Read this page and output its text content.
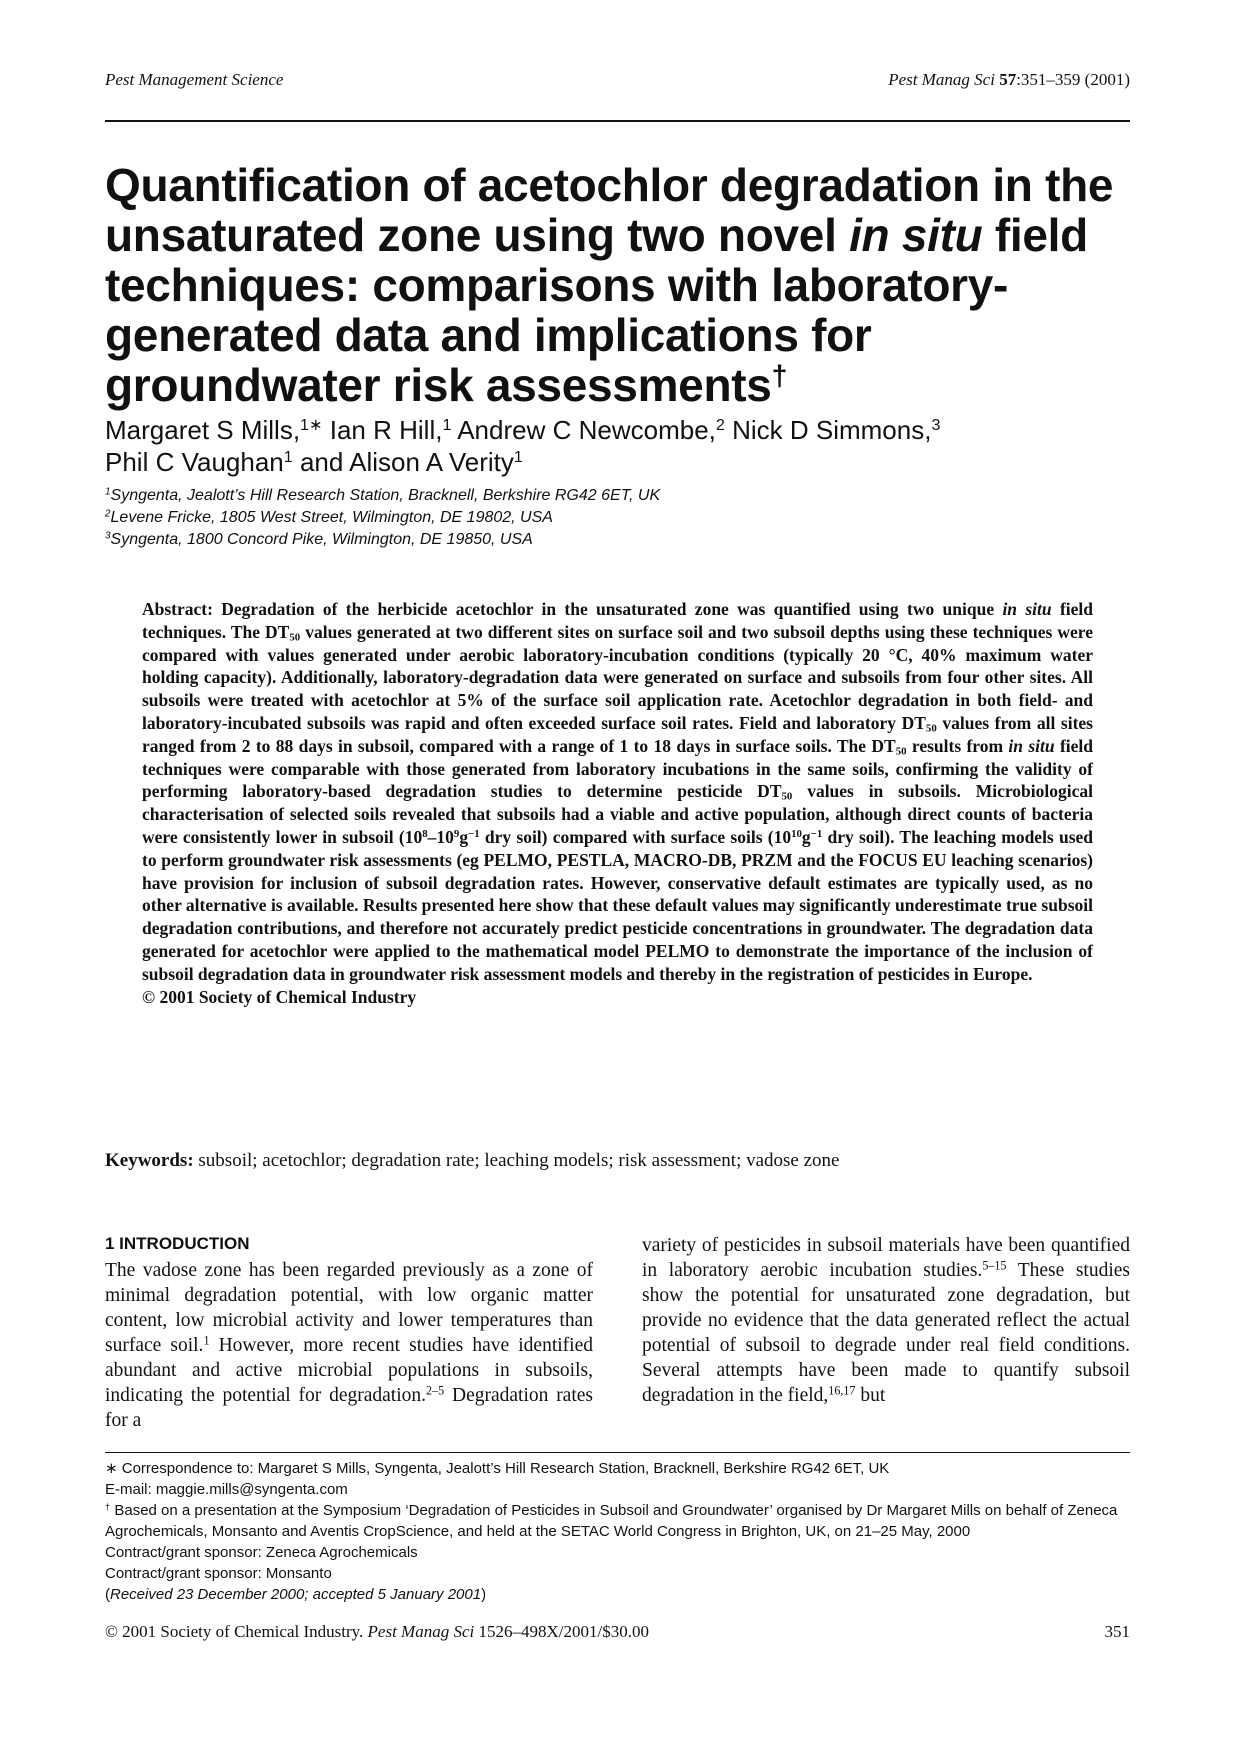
Pest Management Science	Pest Manag Sci 57:351–359 (2001)
Quantification of acetochlor degradation in the unsaturated zone using two novel in situ field techniques: comparisons with laboratory-generated data and implications for groundwater risk assessments†
Margaret S Mills,$^{1∗}$ Ian R Hill,$^1$ Andrew C Newcombe,$^2$ Nick D Simmons,$^3$
Phil C Vaughan$^1$ and Alison A Verity$^1$
$^1$Syngenta, Jealott’s Hill Research Station, Bracknell, Berkshire RG42 6ET, UK
$^2$Levene Fricke, 1805 West Street, Wilmington, DE 19802, USA
$^3$Syngenta, 1800 Concord Pike, Wilmington, DE 19850, USA
Abstract: Degradation of the herbicide acetochlor in the unsaturated zone was quantified using two unique in situ field techniques. The $DT_{50}$ values generated at two different sites on surface soil and two subsoil depths using these techniques were compared with values generated under aerobic laboratory-incubation conditions (typically 20 °C, 40% maximum water holding capacity). Additionally, laboratory-degradation data were generated on surface and subsoils from four other sites. All subsoils were treated with acetochlor at 5% of the surface soil application rate. Acetochlor degradation in both field- and laboratory-incubated subsoils was rapid and often exceeded surface soil rates. Field and laboratory $DT_{50}$ values from all sites ranged from 2 to 88 days in subsoil, compared with a range of 1 to 18 days in surface soils. The $DT_{50}$ results from in situ field techniques were comparable with those generated from laboratory incubations in the same soils, confirming the validity of performing laboratory-based degradation studies to determine pesticide $DT_{50}$ values in subsoils. Microbiological characterisation of selected soils revealed that subsoils had a viable and active population, although direct counts of bacteria were consistently lower in subsoil ($10^8-10^9g^{-1}$ dry soil) compared with surface soils ($10^{10}g^{-1}$ dry soil). The leaching models used to perform groundwater risk assessments (eg PELMO, PESTLA, MACRO-DB, PRZM and the FOCUS EU leaching scenarios) have provision for inclusion of subsoil degradation rates. However, conservative default estimates are typically used, as no other alternative is available. Results presented here show that these default values may significantly underestimate true subsoil degradation contributions, and therefore not accurately predict pesticide concentrations in groundwater. The degradation data generated for acetochlor were applied to the mathematical model PELMO to demonstrate the importance of the inclusion of subsoil degradation data in groundwater risk assessment models and thereby in the registration of pesticides in Europe.
© 2001 Society of Chemical Industry
Keywords: subsoil; acetochlor; degradation rate; leaching models; risk assessment; vadose zone
1 INTRODUCTION

The vadose zone has been regarded previously as a zone of minimal degradation potential, with low organic matter content, low microbial activity and lower temperatures than surface soil.$^1$ However, more recent studies have identified abundant and active microbial populations in subsoils, indicating the potential for degradation.$^{2-5}$ Degradation rates for a

variety of pesticides in subsoil materials have been quantified in laboratory aerobic incubation studies.$^{5-15}$ These studies show the potential for unsaturated zone degradation, but provide no evidence that the data generated reflect the actual potential of subsoil to degrade under real field conditions. Several attempts have been made to quantify subsoil degradation in the field,$^{16,17}$ but

∗ Correspondence to: Margaret S Mills, Syngenta, Jealott’s Hill Research Station, Bracknell, Berkshire RG42 6ET, UK

E-mail: maggie.mills@syngenta.com

† Based on a presentation at the Symposium ‘Degradation of Pesticides in Subsoil and Groundwater’ organised by Dr Margaret Mills on behalf of Zeneca Agrochemicals, Monsanto and Aventis CropScience, and held at the SETAC World Congress in Brighton, UK, on 21–25 May, 2000

Contract/grant sponsor: Zeneca Agrochemicals

Contract/grant sponsor: Monsanto

(Received 23 December 2000; accepted 5 January 2001)

© 2001 Society of Chemical Industry. Pest Manag Sci 1526–498X/2001/$30.00	351
